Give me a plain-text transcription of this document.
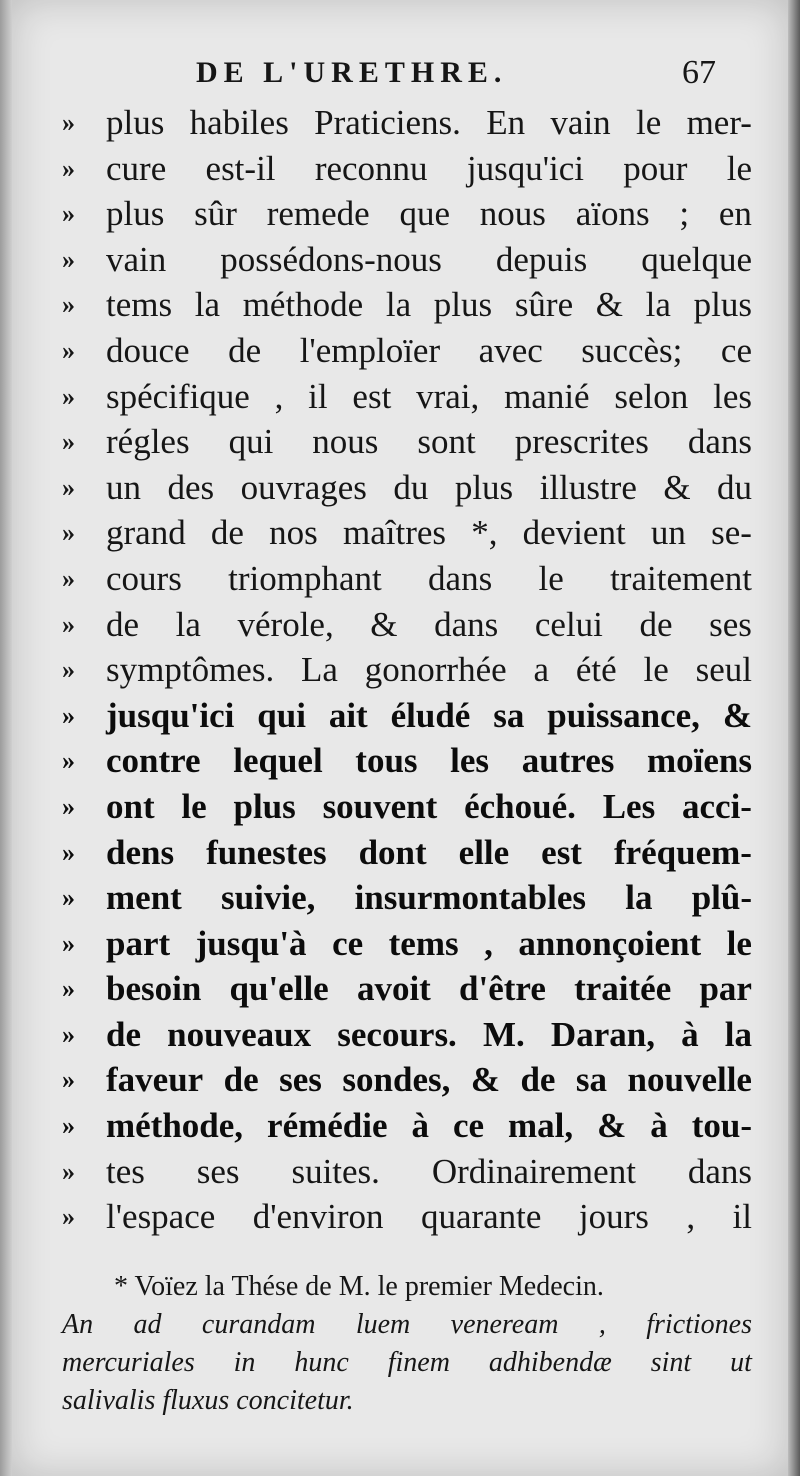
DE L'URETHRE.	67
» plus habiles Praticiens. En vain le mer-
» cure est-il reconnu jusqu'ici pour le
» plus sûr remede que nous aïons ; en
» vain possédons-nous depuis quelque
» tems la méthode la plus sûre & la plus
» douce de l'emploïer avec succès; ce
» spécifique , il est vrai, manié selon les
» régles qui nous sont prescrites dans
» un des ouvrages du plus illustre & du
» grand de nos maîtres *, devient un se-
» cours triomphant dans le traitement
» de la vérole, & dans celui de ses
» symptômes. La gonorrhée a été le seul
» jusqu'ici qui ait éludé sa puissance, &
» contre lequel tous les autres moïens
» ont le plus souvent échoué. Les acci-
» dens funestes dont elle est fréquem-
» ment suivie, insurmontables la plû-
» part jusqu'à ce tems , annonçoient le
» besoin qu'elle avoit d'être traitée par
» de nouveaux secours. M. Daran, à la
» faveur de ses sondes, & de sa nouvelle
» méthode, rémédie à ce mal, & à tou-
» tes ses suites. Ordinairement dans
» l'espace d'environ quarante jours , il
* Voïez la Thése de M. le premier Medecin.
An ad curandam luem veneream , frictiones
mercuriales in hunc finem adhibendæ sint ut
salivalis fluxus concitetur.
